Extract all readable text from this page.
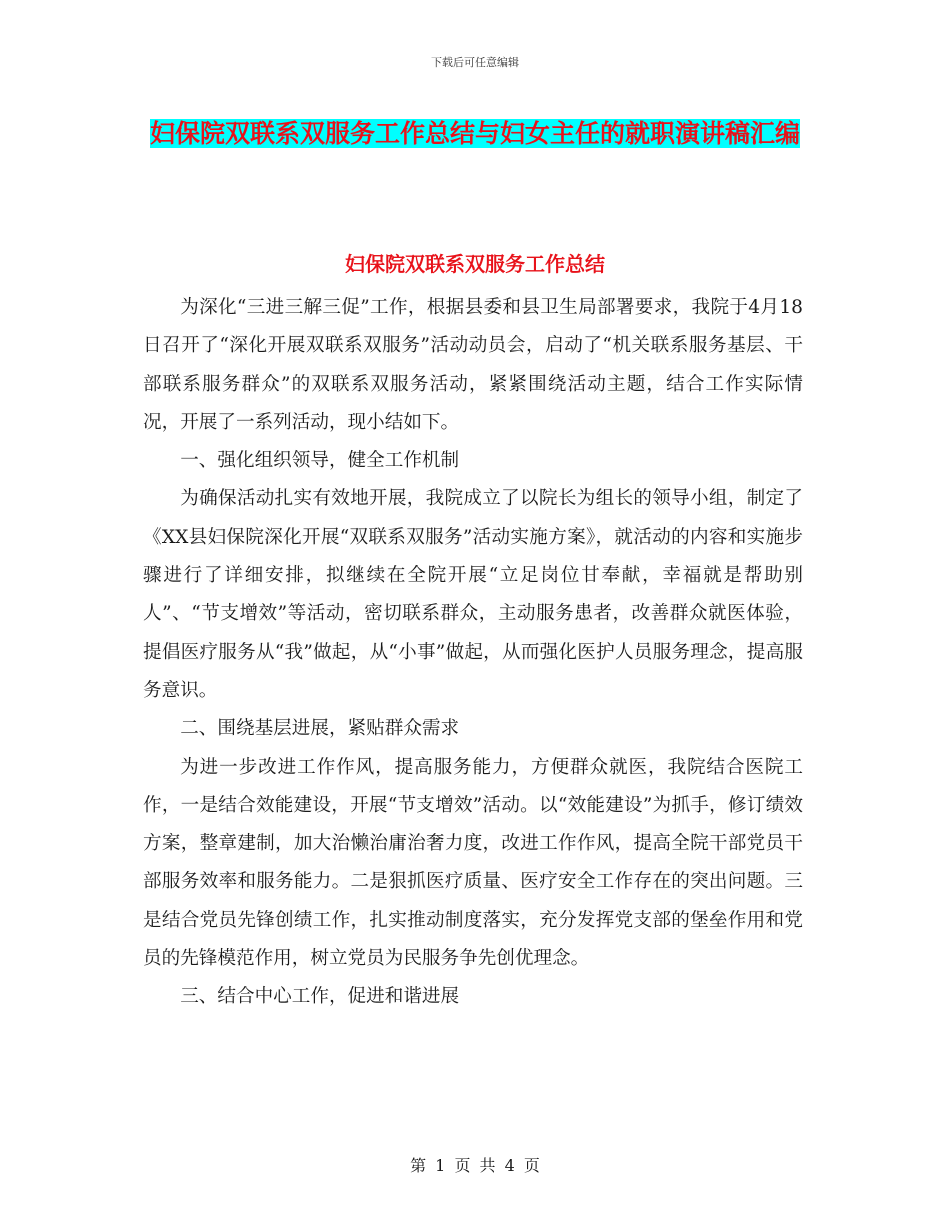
下载后可任意编辑
妇保院双联系双服务工作总结与妇女主任的就职演讲稿汇编
妇保院双联系双服务工作总结

为深化“三进三解三促”工作，根据县委和县卫生局部署要求，我院于4月18日召开了“深化开展双联系双服务”活动动员会，启动了“机关联系服务基层、干部联系服务群众”的双联系双服务活动，紧紧围绕活动主题，结合工作实际情况，开展了一系列活动，现小结如下。

一、强化组织领导，健全工作机制

为确保活动扎实有效地开展，我院成立了以院长为组长的领导小组，制定了《XX县妇保院深化开展“双联系双服务”活动实施方案》，就活动的内容和实施步骤进行了详细安排，拟继续在全院开展“立足岗位甘奉献，幸福就是帮助别人”、“节支增效”等活动，密切联系群众，主动服务患者，改善群众就医体验，提倡医疗服务从“我”做起，从“小事”做起，从而强化医护人员服务理念，提高服务意识。

二、围绕基层进展，紧贴群众需求

为进一步改进工作作风，提高服务能力，方便群众就医，我院结合医院工作，一是结合效能建设，开展“节支增效”活动。以“效能建设”为抓手，修订绩效方案，整章建制，加大治懒治庸治奢力度，改进工作作风，提高全院干部党员干部服务效率和服务能力。二是狠抓医疗质量、医疗安全工作存在的突出问题。三是结合党员先锋创绩工作，扎实推动制度落实，充分发挥党支部的堡垒作用和党员的先锋模范作用，树立党员为民服务争先创优理念。

三、结合中心工作，促进和谐进展

第 1 页 共 4 页
